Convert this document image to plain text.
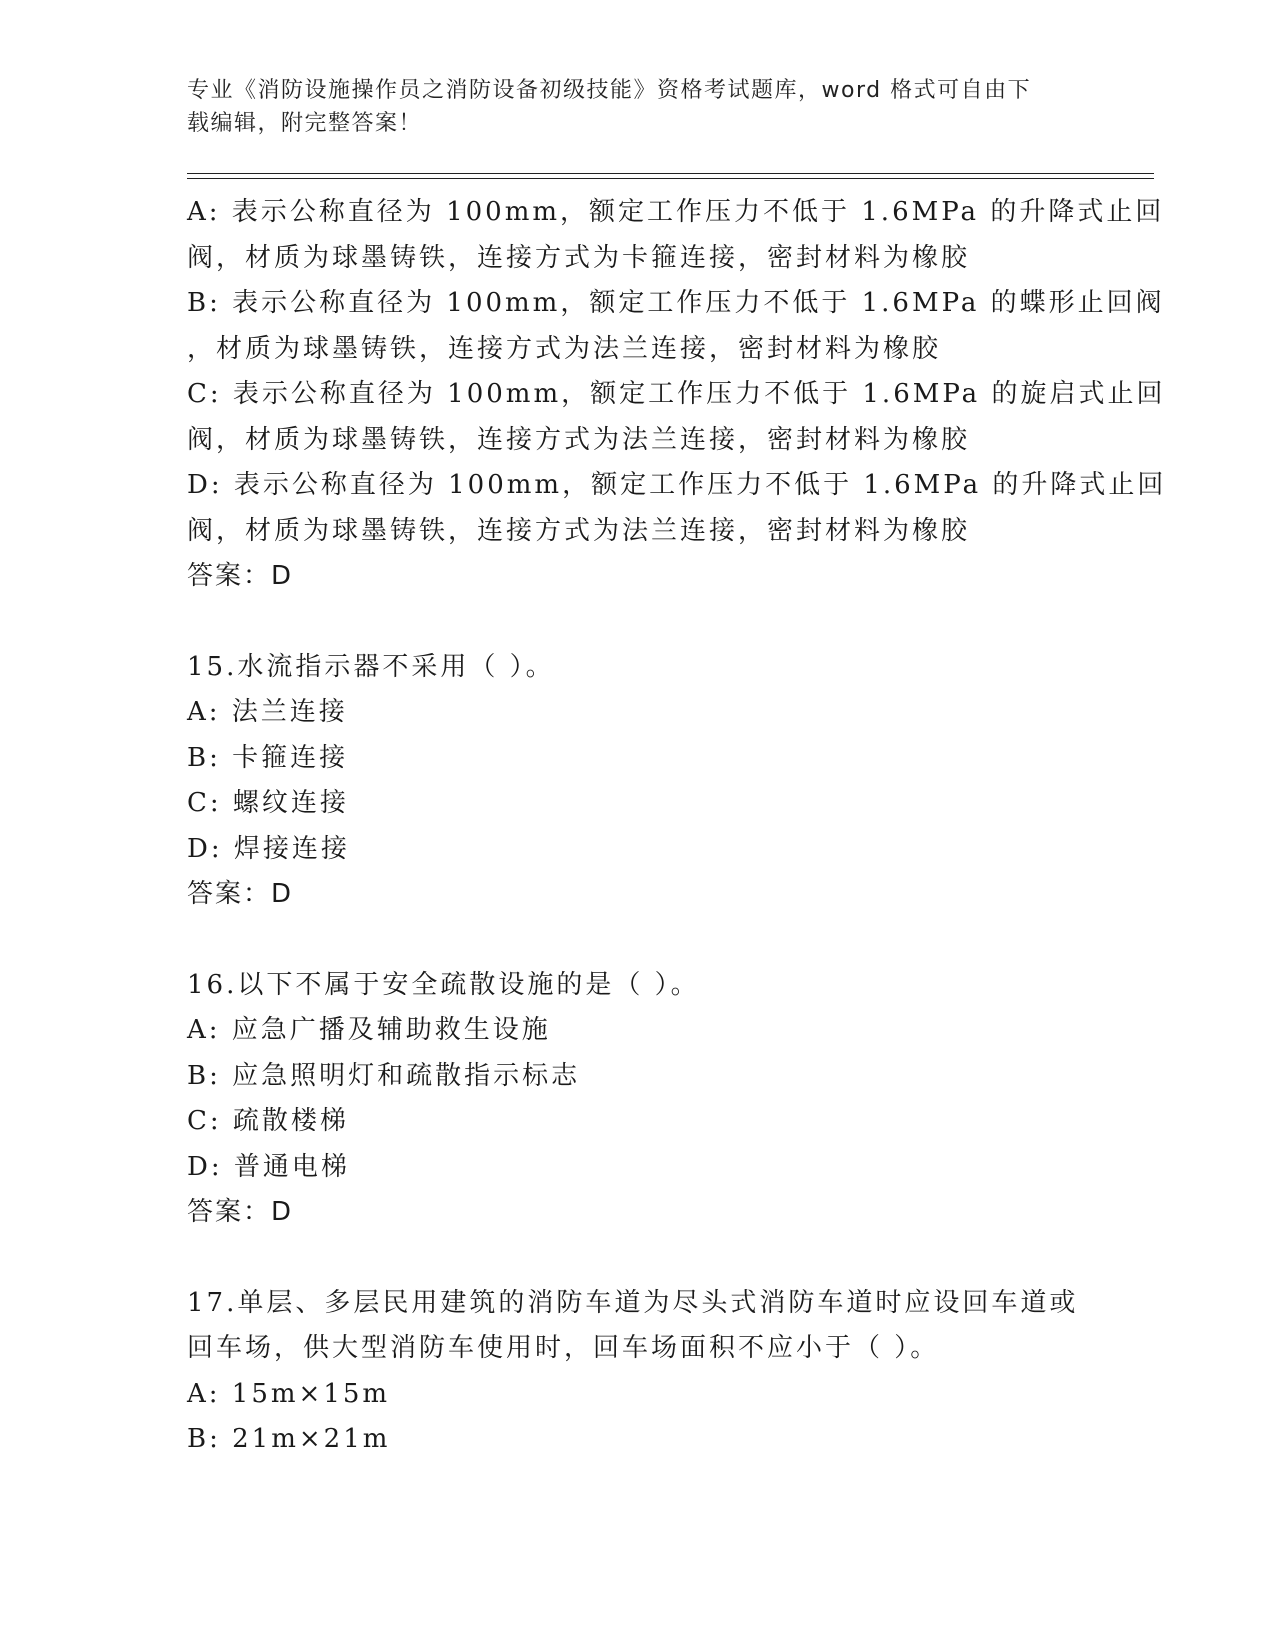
专业《消防设施操作员之消防设备初级技能》资格考试题库，word 格式可自由下
载编辑，附完整答案！
A: 表示公称直径为 100mm，额定工作压力不低于 1.6MPa 的升降式止回
阀，材质为球墨铸铁，连接方式为卡箍连接，密封材料为橡胶
B: 表示公称直径为 100mm，额定工作压力不低于 1.6MPa 的蝶形止回阀
，材质为球墨铸铁，连接方式为法兰连接，密封材料为橡胶
C: 表示公称直径为 100mm，额定工作压力不低于 1.6MPa 的旋启式止回
阀，材质为球墨铸铁，连接方式为法兰连接，密封材料为橡胶
D: 表示公称直径为 100mm，额定工作压力不低于 1.6MPa 的升降式止回
阀，材质为球墨铸铁，连接方式为法兰连接，密封材料为橡胶
答案：D
15.水流指示器不采用（ ）。
A: 法兰连接
B: 卡箍连接
C: 螺纹连接
D: 焊接连接
答案：D
16.以下不属于安全疏散设施的是（ ）。
A: 应急广播及辅助救生设施
B: 应急照明灯和疏散指示标志
C: 疏散楼梯
D: 普通电梯
答案：D
17.单层、多层民用建筑的消防车道为尽头式消防车道时应设回车道或
回车场，供大型消防车使用时，回车场面积不应小于（ ）。
A: 15m×15m
B: 21m×21m
